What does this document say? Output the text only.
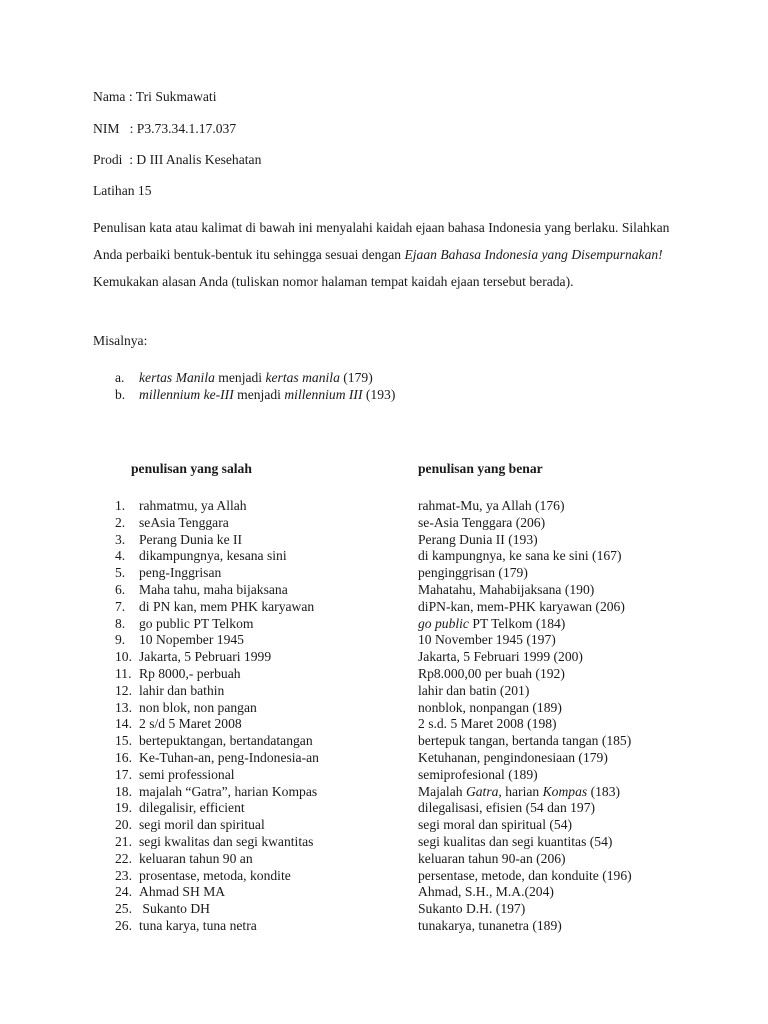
Nama : Tri Sukmawati
NIM   : P3.73.34.1.17.037
Prodi  : D III Analis Kesehatan
Latihan 15
Penulisan kata atau kalimat di bawah ini menyalahi kaidah ejaan bahasa Indonesia yang berlaku. Silahkan Anda perbaiki bentuk-bentuk itu sehingga sesuai dengan Ejaan Bahasa Indonesia yang Disempurnakan! Kemukakan alasan Anda (tuliskan nomor halaman tempat kaidah ejaan tersebut berada).
Misalnya:
a. kertas Manila menjadi kertas manila (179)
b. millennium ke-III menjadi millennium III (193)
penulisan yang salah	penulisan yang benar
1. rahmatmu, ya Allah	rahmat-Mu, ya Allah (176)
2. seAsia Tenggara	se-Asia Tenggara (206)
3. Perang Dunia ke II	Perang Dunia II (193)
4. dikampungnya, kesana sini	di kampungnya, ke sana ke sini (167)
5. peng-Inggrisan	penginggrisan (179)
6. Maha tahu, maha bijaksana	Mahatahu, Mahabijaksana (190)
7. di PN kan, mem PHK karyawan	diPN-kan, mem-PHK karyawan (206)
8. go public PT Telkom	go public PT Telkom (184)
9. 10 Nopember 1945	10 November 1945 (197)
10. Jakarta, 5 Pebruari 1999	Jakarta, 5 Februari 1999 (200)
11. Rp 8000,- perbuah	Rp8.000,00 per buah (192)
12. lahir dan bathin	lahir dan batin (201)
13. non blok, non pangan	nonblok, nonpangan (189)
14. 2 s/d 5 Maret 2008	2 s.d. 5 Maret 2008 (198)
15. bertepuktangan, bertandatangan	bertepuk tangan, bertanda tangan (185)
16. Ke-Tuhan-an, peng-Indonesia-an	Ketuhanan, pengindonesiaan (179)
17. semi professional	semiprofesional (189)
18. majalah “Gatra”, harian Kompas	Majalah Gatra, harian Kompas (183)
19. dilegalisir, efficient	dilegalisasi, efisien (54 dan 197)
20. segi moril dan spiritual	segi moral dan spiritual (54)
21. segi kwalitas dan segi kwantitas	segi kualitas dan segi kuantitas (54)
22. keluaran tahun 90 an	keluaran tahun 90-an (206)
23. prosentase, metoda, kondite	persentase, metode, dan konduite (196)
24. Ahmad SH MA	Ahmad, S.H., M.A.(204)
25. Sukanto DH	Sukanto D.H. (197)
26. tuna karya, tuna netra	tunakarya, tunanetra (189)
